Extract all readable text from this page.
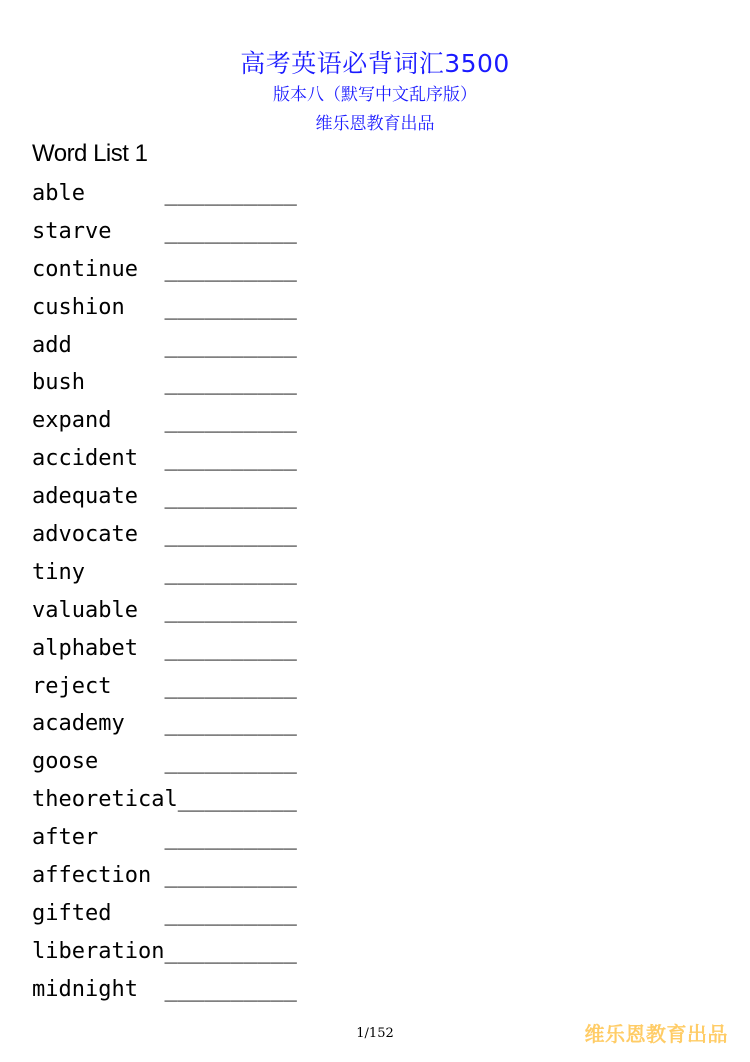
高考英语必背词汇3500
版本八（默写中文乱序版）
维乐恩教育出品
Word List 1
able	__________
starve __________
continue __________
cushion __________
add	__________
bush	__________
expand __________
accident __________
adequate __________
advocate __________
tiny	__________
valuable __________
alphabet __________
reject __________
academy __________
goose	__________
theoretical_________
after	__________
affection __________
gifted __________
liberation__________
midnight __________
1/152	维乐恩教育出品
